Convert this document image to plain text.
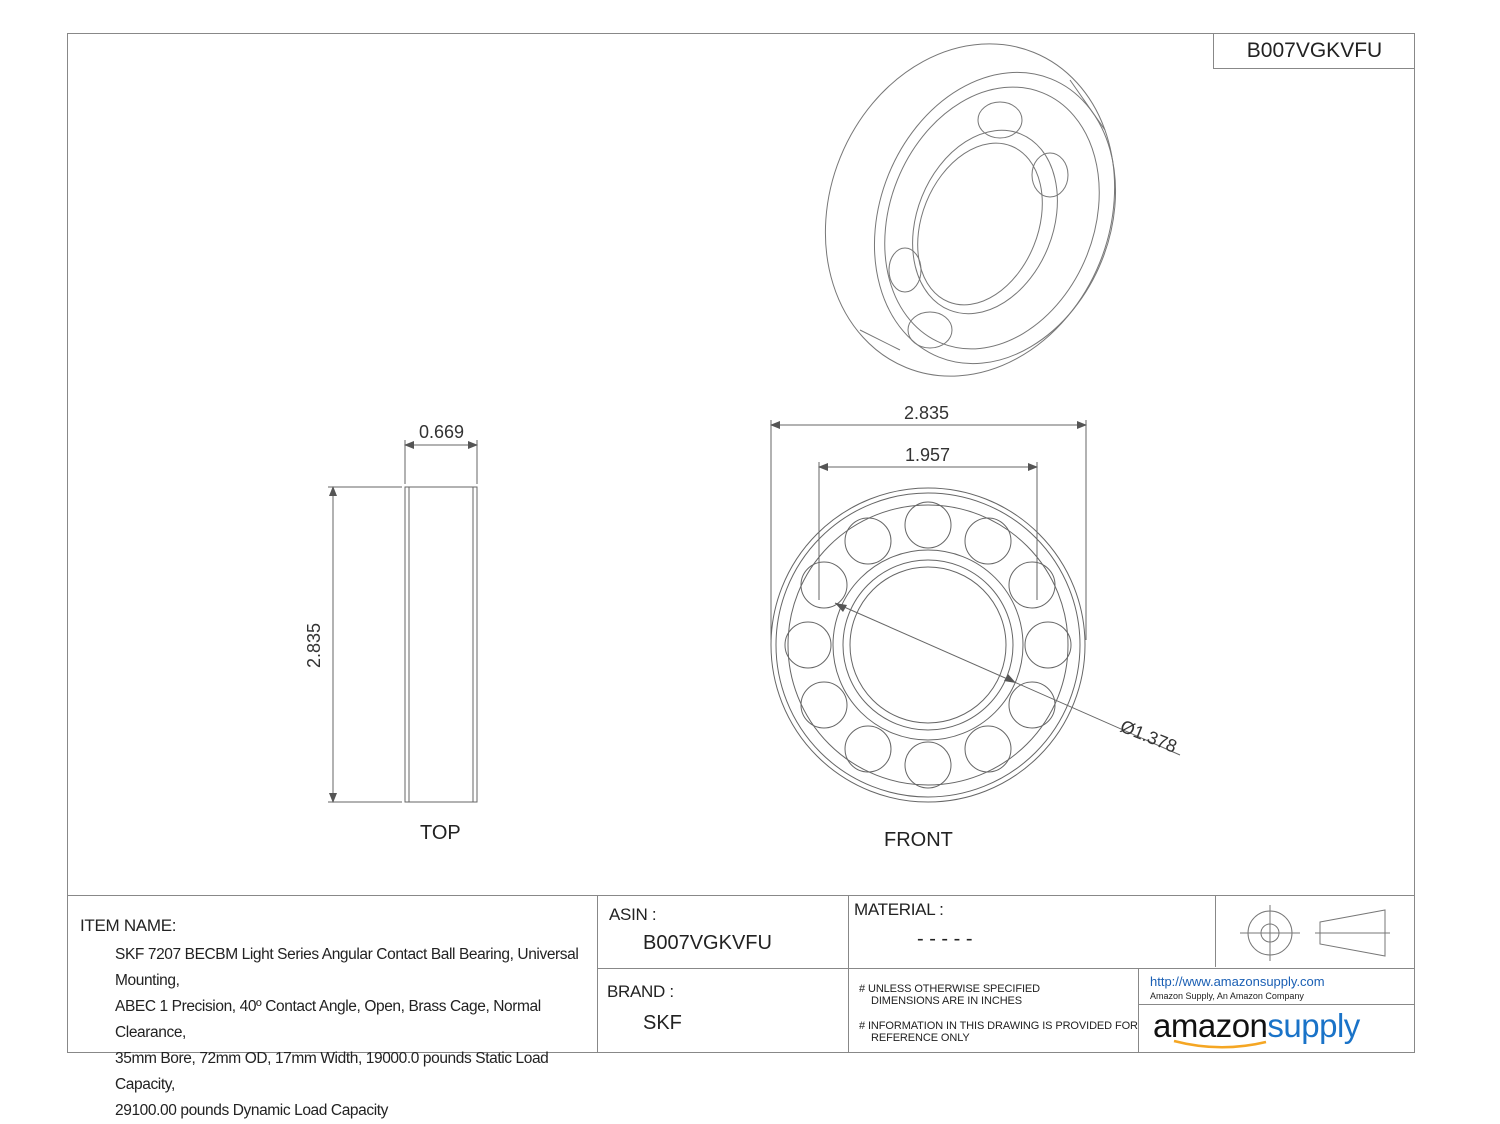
B007VGKVFU
0.669
2.835
2.835
1.957
Ø1.378
TOP	FRONT
ITEM NAME:
SKF 7207 BECBM Light Series Angular Contact Ball Bearing, Universal Mounting,
ABEC 1 Precision, 40º Contact Angle, Open, Brass Cage, Normal Clearance,
35mm Bore, 72mm OD, 17mm Width, 19000.0 pounds Static Load Capacity,
29100.00 pounds Dynamic Load Capacity
ASIN :
B007VGKVFU
BRAND :
SKF
MATERIAL :
- - - - -
# UNLESS OTHERWISE SPECIFIED
DIMENSIONS ARE IN INCHES
# INFORMATION IN THIS DRAWING IS PROVIDED FOR
REFERENCE ONLY
http://www.amazonsupply.com
Amazon Supply, An Amazon Company
amazonsupply
